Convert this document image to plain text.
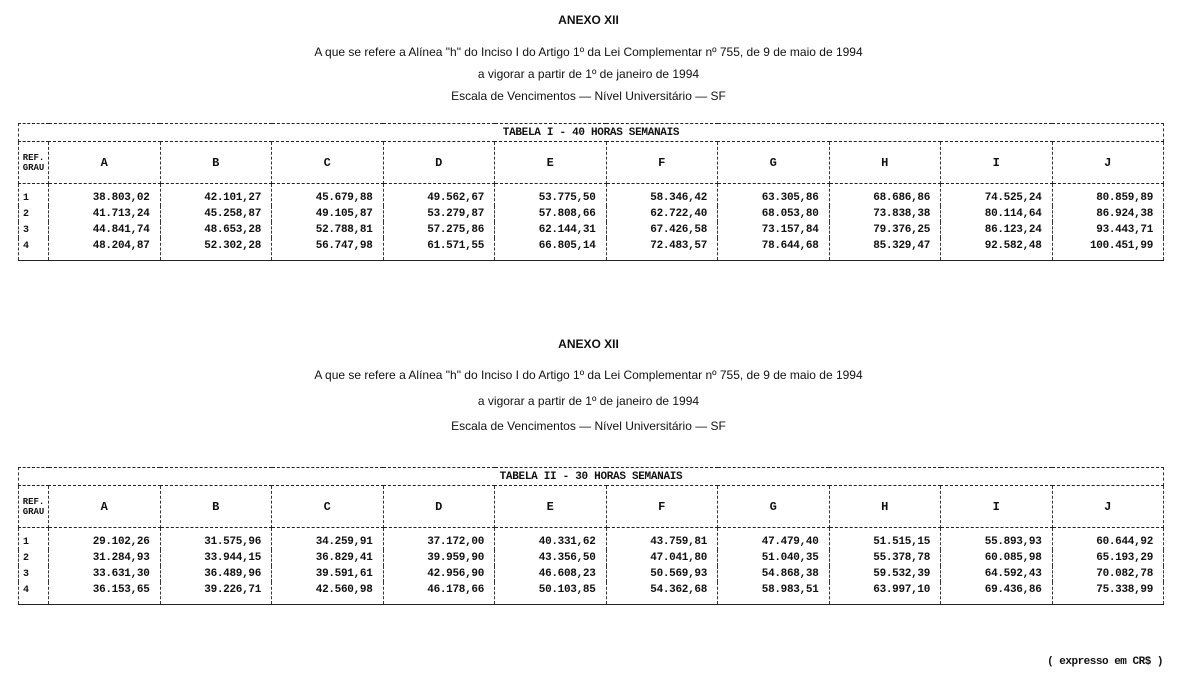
ANEXO XII
A que se refere a Alínea "h" do Inciso I do Artigo 1º da Lei Complementar nº 755, de 9 de maio de 1994
a vigorar a partir de 1º de janeiro de 1994
Escala de Vencimentos — Nível Universitário — SF
TABELA I - 40 HORAS SEMANAIS										
REF.
GRAU	A	B	C	D	E	F	G	H	I	J
1	38.803,02	42.101,27	45.679,88	49.562,67	53.775,50	58.346,42	63.305,86	68.686,86	74.525,24	80.859,89
2	41.713,24	45.258,87	49.105,87	53.279,87	57.808,66	62.722,40	68.053,80	73.838,38	80.114,64	86.924,38
3	44.841,74	48.653,28	52.788,81	57.275,86	62.144,31	67.426,58	73.157,84	79.376,25	86.123,24	93.443,71
4	48.204,87	52.302,28	56.747,98	61.571,55	66.805,14	72.483,57	78.644,68	85.329,47	92.582,48	100.451,99
ANEXO XII
A que se refere a Alínea "h" do Inciso I do Artigo 1º da Lei Complementar nº 755, de 9 de maio de 1994
a vigorar a partir de 1º de janeiro de 1994
Escala de Vencimentos — Nível Universitário — SF
TABELA II - 30 HORAS SEMANAIS										
REF.
GRAU	A	B	C	D	E	F	G	H	I	J
1	29.102,26	31.575,96	34.259,91	37.172,00	40.331,62	43.759,81	47.479,40	51.515,15	55.893,93	60.644,92
2	31.284,93	33.944,15	36.829,41	39.959,90	43.356,50	47.041,80	51.040,35	55.378,78	60.085,98	65.193,29
3	33.631,30	36.489,96	39.591,61	42.956,90	46.608,23	50.569,93	54.868,38	59.532,39	64.592,43	70.082,78
4	36.153,65	39.226,71	42.560,98	46.178,66	50.103,85	54.362,68	58.983,51	63.997,10	69.436,86	75.338,99
( expresso em CR$ )
